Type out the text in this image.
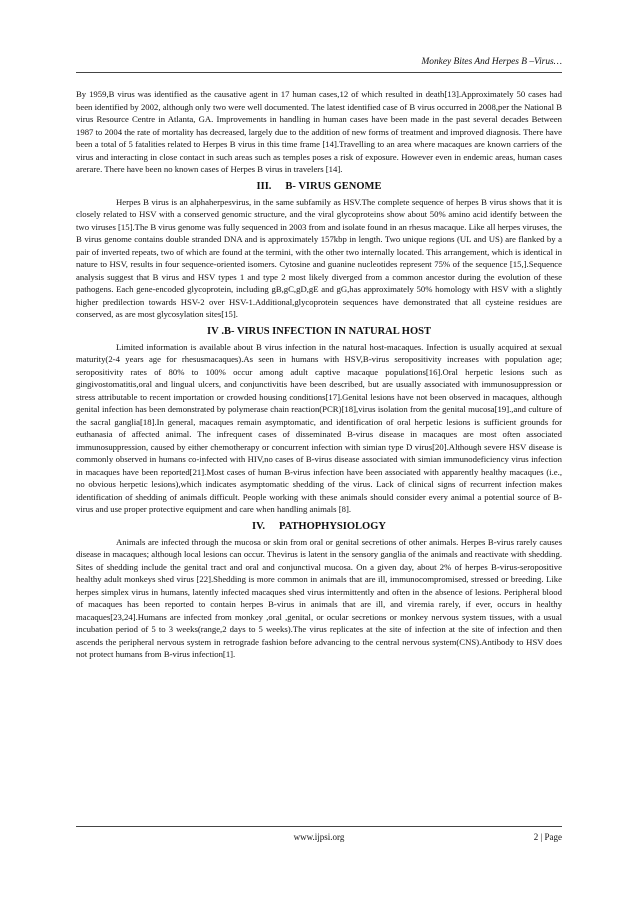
Monkey Bites And Herpes B –Virus…

By 1959,B virus was identified as the causative agent in 17 human cases,12 of which resulted in death[13].Approximately 50 cases had been identified by 2002, although only two were well documented. The latest identified case of B virus occurred in 2008,per the National B virus Resource Centre in Atlanta, GA. Improvements in handling in human cases have been made in the past several decades Between 1987 to 2004 the rate of mortality has decreased, largely due to the addition of new forms of treatment and improved diagnosis. There have been a total of 5 fatalities related to Herpes B virus in this time frame [14].Travelling to an area where macaques are known carriers of the virus and interacting in close contact in such areas such as temples poses a risk of exposure. However even in endemic areas, human cases arerare. There have been no known cases of Herpes B virus in travelers [14].

III. B- VIRUS GENOME

Herpes B virus is an alphaherpesvirus, in the same subfamily as HSV.The complete sequence of herpes B virus shows that it is closely related to HSV with a conserved genomic structure, and the viral glycoproteins show about 50% amino acid identify between the two viruses [15].The B virus genome was fully sequenced in 2003 from and isolate found in an rhesus macaque. Like all herpes viruses, the B virus genome contains double stranded DNA and is approximately 157kbp in length. Two unique regions (UL and US) are flanked by a pair of inverted repeats, two of which are found at the termini, with the other two internally located. This arrangement, which is identical in nature to HSV, results in four sequence-oriented isomers. Cytosine and guanine nucleotides represent 75% of the sequence [15,].Sequence analysis suggest that B virus and HSV types 1 and type 2 most likely diverged from a common ancestor during the evolution of these pathogens. Each gene-encoded glycoprotein, including gB,gC,gD,gE and gG,has approximately 50% homology with HSV with a slightly higher predilection towards HSV-2 over HSV-1.Additional,glycoprotein sequences have demonstrated that all cysteine residues are conserved, as are most glycosylation sites[15].

IV .B- VIRUS INFECTION IN NATURAL HOST

Limited information is available about B virus infection in the natural host-macaques. Infection is usually acquired at sexual maturity(2-4 years age for rhesusmacaques).As seen in humans with HSV,B-virus seropositivity increases with population age; seropositivity rates of 80% to 100% occur among adult captive macaque populations[16].Oral herpetic lesions such as gingivostomatitis,oral and lingual ulcers, and conjunctivitis have been described, but are usually associated with immunosuppression or stress attributable to recent importation or crowded housing conditions[17].Genital lesions have not been observed in macaques, although genital infection has been demonstrated by polymerase chain reaction(PCR)[18],virus isolation from the genital mucosa[19].,and culture of the sacral ganglia[18].In general, macaques remain asymptomatic, and identification of oral herpetic lesions is sufficient grounds for euthanasia of affected animal. The infrequent cases of disseminated B-virus disease in macaques are most often associated immunosuppression, caused by either chemotherapy or concurrent infection with simian type D virus[20].Although severe HSV disease is commonly observed in humans co-infected with HIV,no cases of B-virus disease associated with simian immunodeficiency virus infection in macaques have been reported[21].Most cases of human B-virus infection have been associated with apparently healthy macaques (i.e., no obvious herpetic lesions),which indicates asymptomatic shedding of the virus. Lack of clinical signs of recurrent infection makes identification of shedding of animals difficult. People working with these animals should consider every animal a potential source of B-virus and use proper protective equipment and care when handling animals [8].

IV. PATHOPHYSIOLOGY

Animals are infected through the mucosa or skin from oral or genital secretions of other animals. Herpes B-virus rarely causes disease in macaques; although local lesions can occur. Thevirus is latent in the sensory ganglia of the animals and reactivate with shedding. Sites of shedding include the genital tract and oral and conjunctival mucosa. On a given day, about 2% of herpes B-virus-seropositive healthy adult monkeys shed virus [22].Shedding is more common in animals that are ill, immunocompromised, stressed or breeding. Like herpes simplex virus in humans, latently infected macaques shed virus intermittently and often in the absence of lesions. Peripheral blood of macaques has been reported to contain herpes B-virus in animals that are ill, and viremia rarely, if ever, occurs in healthy macaques[23,24].Humans are infected from monkey ,oral ,genital, or ocular secretions or monkey nervous system tissues, with a usual incubation period of 5 to 3 weeks(range,2 days to 5 weeks).The virus replicates at the site of infection at the site of infection and then ascends the peripheral nervous system in retrograde fashion before advancing to the central nervous system(CNS).Antibody to HSV does not protect humans from B-virus infection[1].

www.ijpsi.org	2 | Page
